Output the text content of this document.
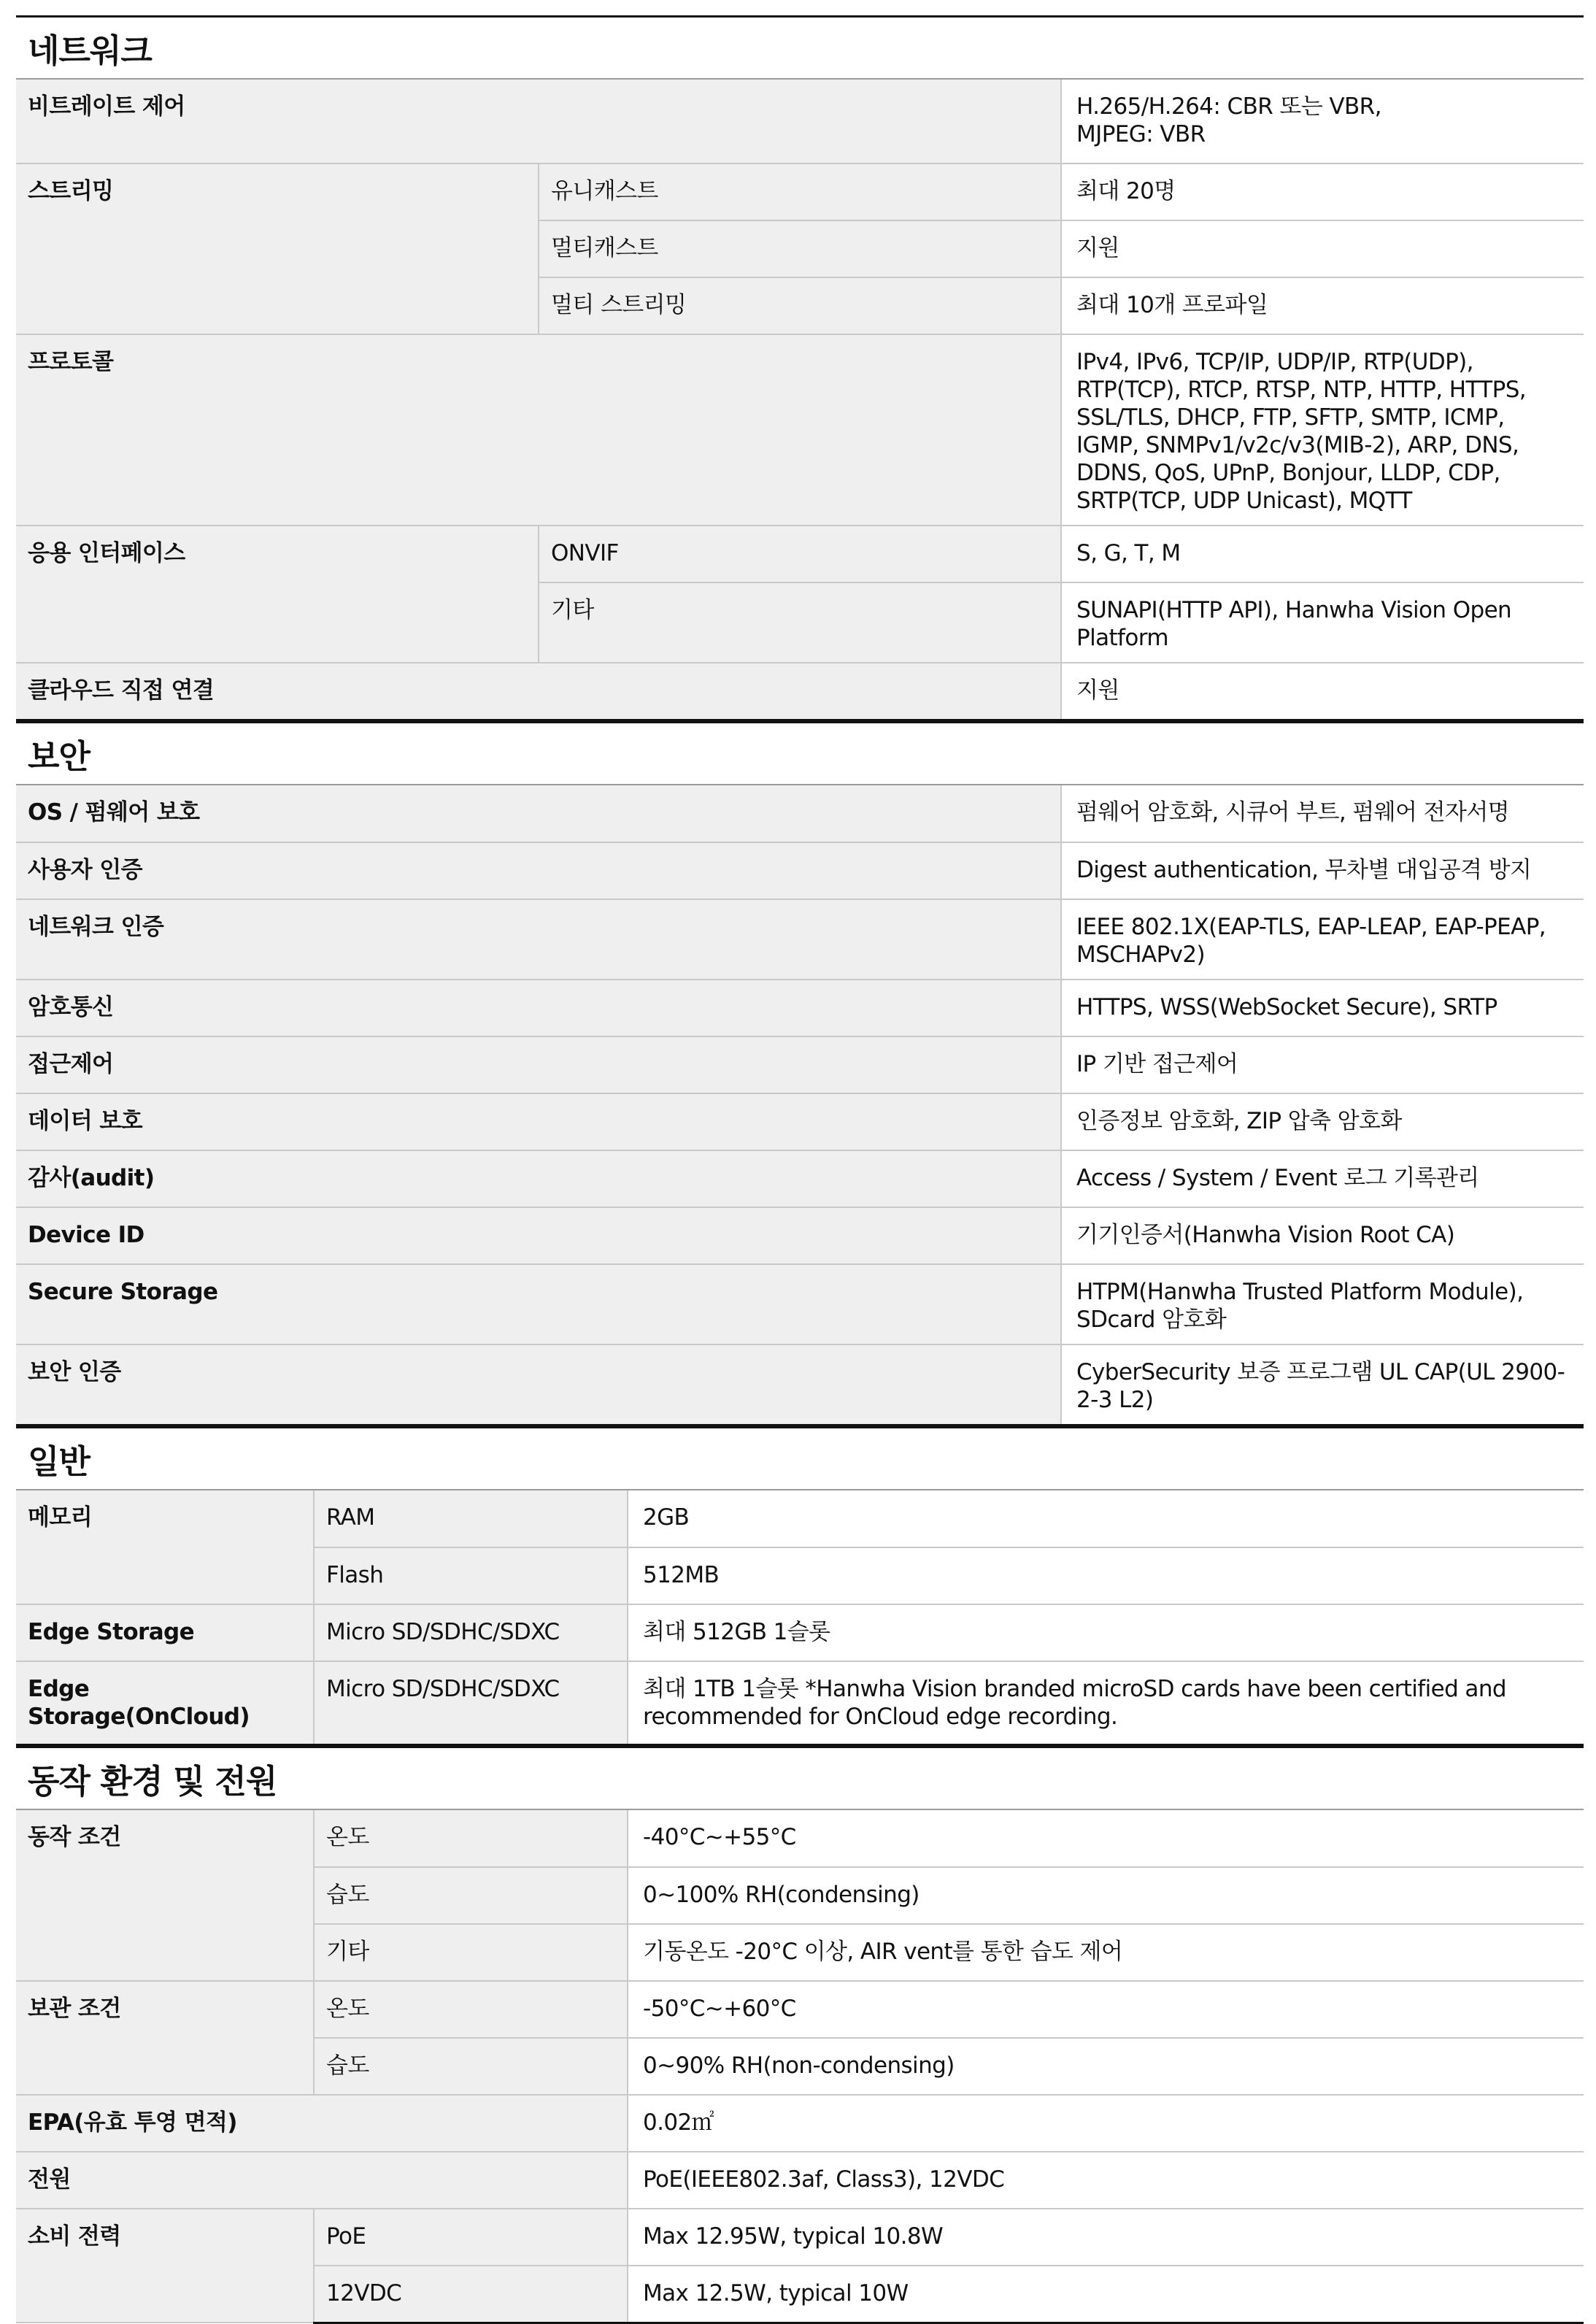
네트워크
비트레이트 제어		H.265/H.264: CBR 또는 VBR,
MJPEG: VBR
스트리밍	유니캐스트	최대 20명
	멀티캐스트	지원
	멀티 스트리밍	최대 10개 프로파일
프로토콜		IPv4, IPv6, TCP/IP, UDP/IP, RTP(UDP), RTP(TCP), RTCP, RTSP, NTP, HTTP, HTTPS,
SSL/TLS, DHCP, FTP, SFTP, SMTP, ICMP, IGMP, SNMPv1/v2c/v3(MIB-2), ARP, DNS,
DDNS, QoS, UPnP, Bonjour, LLDP, CDP, SRTP(TCP, UDP Unicast), MQTT
응용 인터페이스	ONVIF	S, G, T, M
	기타	SUNAPI(HTTP API), Hanwha Vision Open Platform
클라우드 직접 연결		지원
보안
OS / 펌웨어 보호	펌웨어 암호화, 시큐어 부트, 펌웨어 전자서명
사용자 인증	Digest authentication, 무차별 대입공격 방지
네트워크 인증	IEEE 802.1X(EAP-TLS, EAP-LEAP, EAP-PEAP, MSCHAPv2)
암호통신	HTTPS, WSS(WebSocket Secure), SRTP
접근제어	IP 기반 접근제어
데이터 보호	인증정보 암호화, ZIP 압축 암호화
감사(audit)	Access / System / Event 로그 기록관리
Device ID	기기인증서(Hanwha Vision Root CA)
Secure Storage	HTPM(Hanwha Trusted Platform Module), SDcard 암호화
보안 인증	CyberSecurity 보증 프로그램 UL CAP(UL 2900-2-3 L2)
일반
메모리	RAM	2GB
	Flash	512MB
Edge Storage	Micro SD/SDHC/SDXC	최대 512GB 1슬롯
Edge Storage(OnCloud)	Micro SD/SDHC/SDXC	최대 1TB 1슬롯 *Hanwha Vision branded microSD cards have been certified and
recommended for OnCloud edge recording.
동작 환경 및 전원
동작 조건	온도	-40°C~+55°C
	습도	0~100% RH(condensing)
	기타	기동온도 -20°C 이상, AIR vent를 통한 습도 제어
보관 조건	온도	-50°C~+60°C
	습도	0~90% RH(non-condensing)
EPA(유효 투영 면적)		0.02㎡
전원		PoE(IEEE802.3af, Class3), 12VDC
소비 전력	PoE	Max 12.95W, typical 10.8W
	12VDC	Max 12.5W, typical 10W
